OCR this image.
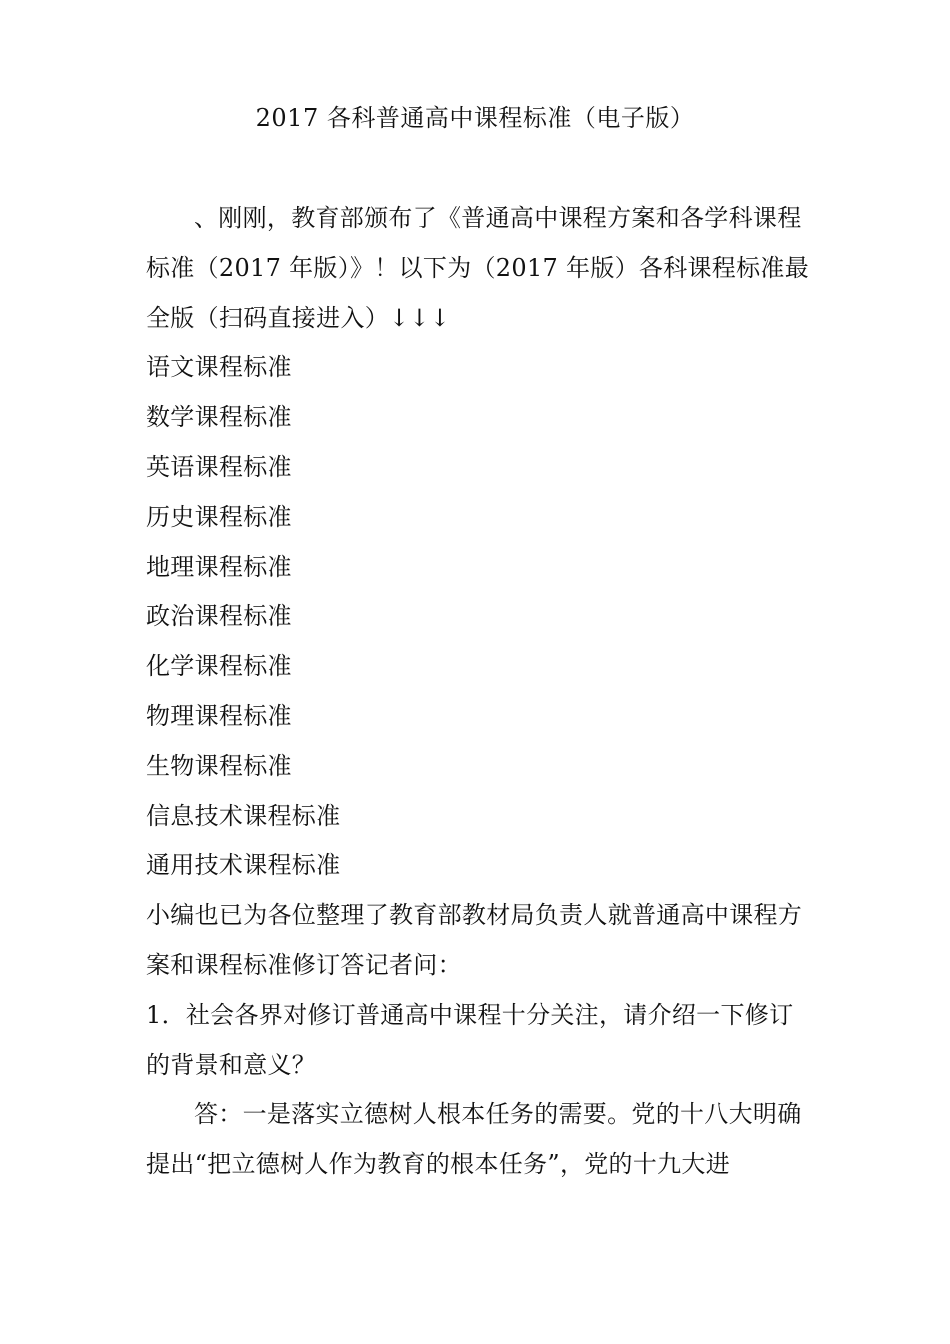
2017 各科普通高中课程标准（电子版）

、刚刚，教育部颁布了《普通高中课程方案和各学科课程标准（2017 年版）》！以下为（2017 年版）各科课程标准最全版（扫码直接进入）↓↓↓

语文课程标准
数学课程标准
英语课程标准
历史课程标准
地理课程标准
政治课程标准
化学课程标准
物理课程标准
生物课程标准
信息技术课程标准
通用技术课程标准

小编也已为各位整理了教育部教材局负责人就普通高中课程方案和课程标准修订答记者问：

1．社会各界对修订普通高中课程十分关注，请介绍一下修订的背景和意义？

答：一是落实立德树人根本任务的需要。党的十八大明确提出“把立德树人作为教育的根本任务”，党的十九大进
